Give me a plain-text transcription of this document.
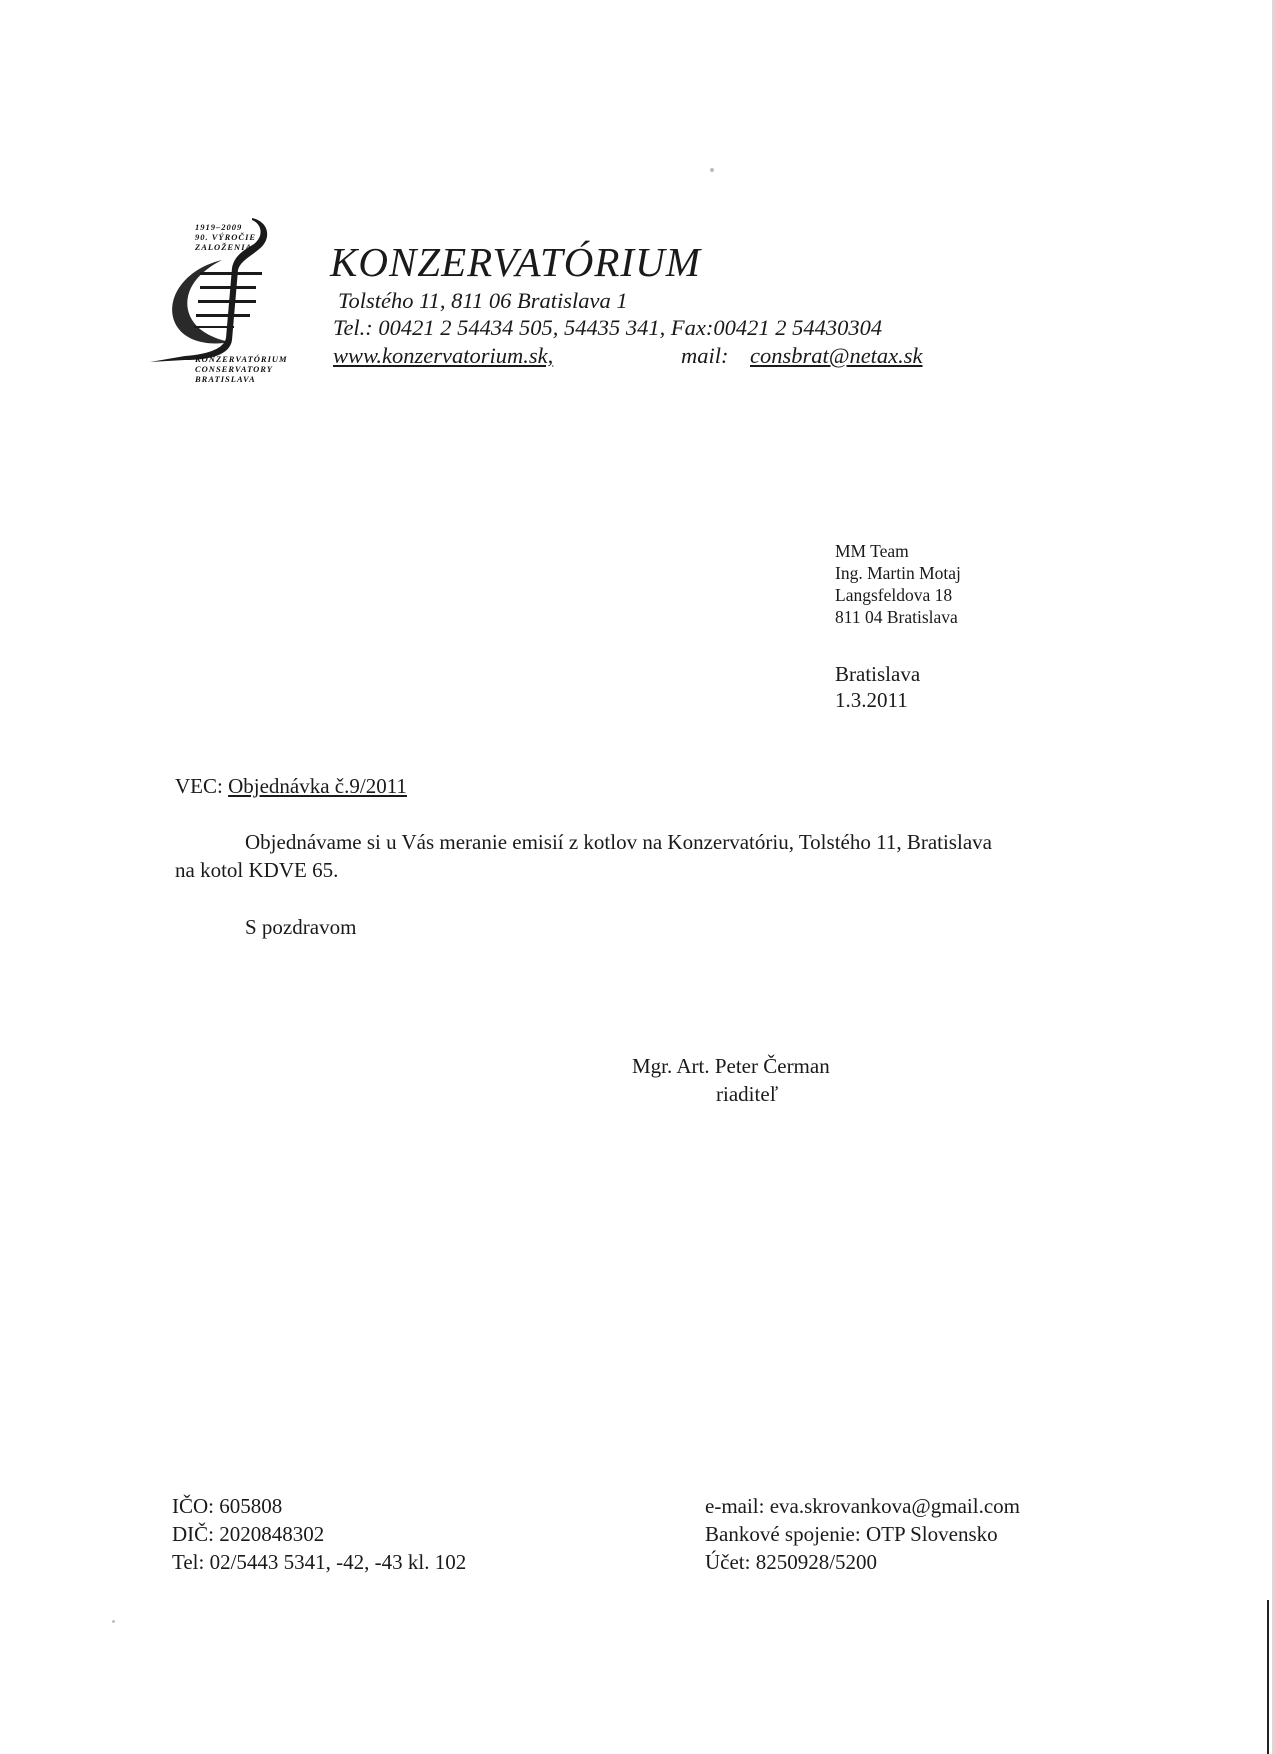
1919–2009
90. VÝROČIE
ZALOŽENIA
KONZERVATÓRIUM
CONSERVATORY
BRATISLAVA
KONZERVATÓRIUM
Tolstého 11, 811 06 Bratislava 1
Tel.: 00421 2 54434 505, 54435 341, Fax:00421 2 54430304
www.konzervatorium.sk,	mail: consbrat@netax.sk
MM Team
Ing. Martin Motaj
Langsfeldova 18
811 04 Bratislava
Bratislava
1.3.2011
VEC: Objednávka č.9/2011
Objednávame si u Vás meranie emisií z kotlov na Konzervatóriu, Tolstého 11, Bratislava
na kotol KDVE 65.
S pozdravom
Mgr. Art. Peter Čerman
riaditeľ
IČO: 605808
DIČ: 2020848302
Tel: 02/5443 5341, -42, -43 kl. 102
e-mail: eva.skrovankova@gmail.com
Bankové spojenie: OTP Slovensko
Účet: 8250928/5200
